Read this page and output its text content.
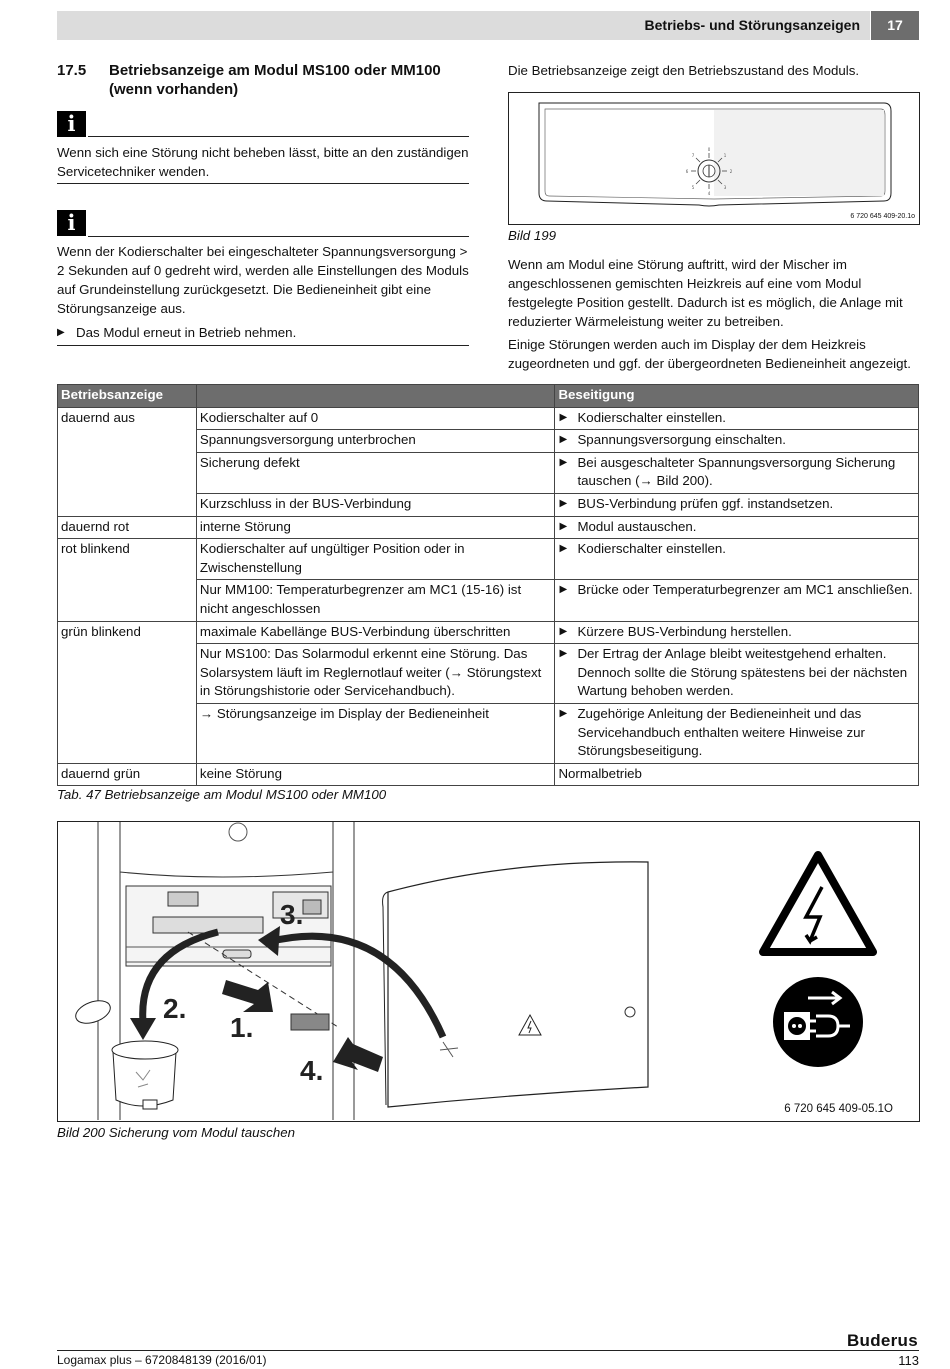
Betriebs- und Störungsanzeigen	17
17.5 Betriebsanzeige am Modul MS100 oder MM100 (wenn vorhanden)
i
Wenn sich eine Störung nicht beheben lässt, bitte an den zuständigen Servicetechniker wenden.
i
Wenn der Kodierschalter bei eingeschalteter Spannungsversorgung > 2 Sekunden auf 0 gedreht wird, werden alle Einstellungen des Moduls auf Grundeinstellung zurückgesetzt. Die Bedieneinheit gibt eine Störungsanzeige aus.
▶ Das Modul erneut in Betrieb nehmen.
Die Betriebsanzeige zeigt den Betriebszustand des Moduls.
0
1
2
3
4
5
6
7
6 720 645 409-20.1o
Bild 199
Wenn am Modul eine Störung auftritt, wird der Mischer im angeschlossenen gemischten Heizkreis auf eine vom Modul festgelegte Position gestellt. Dadurch ist es möglich, die Anlage mit reduzierter Wärmeleistung weiter zu betreiben.
Einige Störungen werden auch im Display der dem Heizkreis zugeordneten und ggf. der übergeordneten Bedieneinheit angezeigt.
Betriebsanzeige		Beseitigung
dauernd aus	Kodierschalter auf 0	▶ Kodierschalter einstellen.

	Spannungsversorgung unterbrochen	▶ Spannungsversorgung einschalten.

	Sicherung defekt	▶ Bei ausgeschalteter Spannungsversorgung Sicherung tauschen (→ Bild 200).

	Kurzschluss in der BUS-Verbindung	▶ BUS-Verbindung prüfen ggf. instandsetzen.

dauernd rot	interne Störung	▶ Modul austauschen.

rot blinkend	Kodierschalter auf ungültiger Position oder in Zwischenstellung	▶ Kodierschalter einstellen.

	Nur MM100: Temperaturbegrenzer am MC1 (15-16) ist nicht angeschlossen	▶ Brücke oder Temperaturbegrenzer am MC1 anschließen.

grün blinkend	maximale Kabellänge BUS-Verbindung überschritten	▶ Kürzere BUS-Verbindung herstellen.

	Nur MS100: Das Solarmodul erkennt eine Störung. Das Solarsystem läuft im Reglernotlauf weiter (→ Störungstext in Störungshistorie oder Servicehandbuch).	▶ Der Ertrag der Anlage bleibt weitestgehend erhalten. Dennoch sollte die Störung spätestens bei der nächsten Wartung behoben werden.

	→ Störungsanzeige im Display der Bedieneinheit	▶ Zugehörige Anleitung der Bedieneinheit und das Servicehandbuch enthalten weitere Hinweise zur Störungsbeseitigung.

dauernd grün	keine Störung	Normalbetrieb
Tab. 47 Betriebsanzeige am Modul MS100 oder MM100
1.
2.
3.
4.
6 720 645 409-05.1O
Bild 200 Sicherung vom Modul tauschen
Buderus
Logamax plus – 6720848139 (2016/01)	113
